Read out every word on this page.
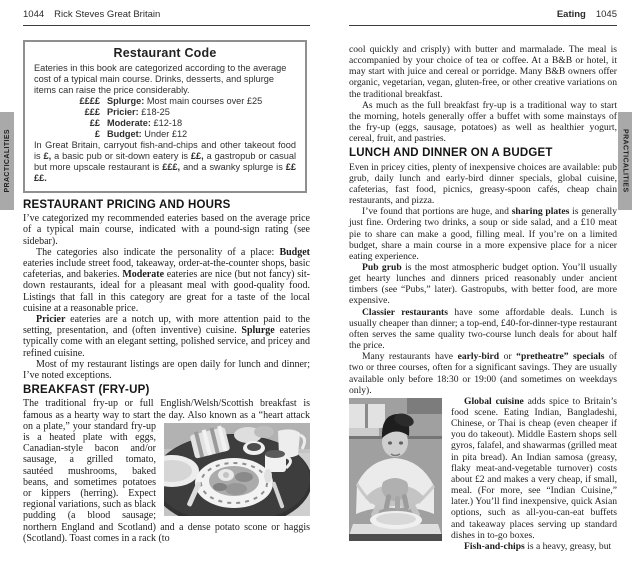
1044 Rick Steves Great Britain	Eating 1045
PRACTICALITIES	PRACTICALITIES
Restaurant Code

Eateries in this book are categorized according to the average cost of a typical main course. Drinks, desserts, and splurge items can raise the price considerably.

££££ Splurge: Most main courses over £25
£££ Pricier: £18-25
££ Moderate: £12-18
£ Budget: Under £12

In Great Britain, carryout fish-and-chips and other takeout food is £, a basic pub or sit-down eatery is ££, a gastropub or casual but more upscale restaurant is £££, and a swanky splurge is ££££.

RESTAURANT PRICING AND HOURS

I’ve categorized my recommended eateries based on the average price of a typical main course, indicated with a pound-sign rating (see sidebar).

The categories also indicate the personality of a place: Budget eateries include street food, takeaway, order-at-the-counter shops, basic cafeterias, and bakeries. Moderate eateries are nice (but not fancy) sit-down restaurants, ideal for a pleasant meal with good-quality food. Listings that fall in this category are great for a taste of the local cuisine at a reasonable price.

Pricier eateries are a notch up, with more attention paid to the setting, presentation, and (often inventive) cuisine. Splurge eateries typically come with an elegant setting, polished service, and pricey and refined cuisine.

Most of my restaurant listings are open daily for lunch and dinner; I’ve noted exceptions.

BREAKFAST (FRY-UP)

The traditional fry-up or full English/Welsh/Scottish breakfast is famous as a hearty way to start the day. Also known as a “heart
attack on a plate,” your standard fry-up is a heated plate with eggs, Canadian-style bacon and/or sausage, a grilled tomato, sautéed mushrooms, baked beans, and sometimes potatoes or kippers (herring). Expect regional variations, such as black pudding (a blood sausage; northern England and Scotland) and a dense potato scone or haggis (Scotland). Toast comes in a rack (to

cool quickly and crisply) with butter and marmalade. The meal is accompanied by your choice of tea or coffee. At a B&B or hotel, it may start with juice and cereal or porridge. Many B&B owners offer organic, vegetarian, vegan, gluten-free, or other creative variations on the traditional breakfast.

As much as the full breakfast fry-up is a traditional way to start the morning, hotels generally offer a buffet with some mainstays of the fry-up (eggs, sausage, potatoes) as well as healthier yogurt, cereal, fruit, and pastries.

LUNCH AND DINNER ON A BUDGET

Even in pricey cities, plenty of inexpensive choices are available: pub grub, daily lunch and early-bird dinner specials, global cuisine, cafeterias, fast food, picnics, greasy-spoon cafés, cheap chain restaurants, and pizza.

I’ve found that portions are huge, and sharing plates is generally just fine. Ordering two drinks, a soup or side salad, and a £10 meat pie to share can make a good, filling meal. If you’re on a limited budget, share a main course in a more expensive place for a nicer eating experience.

Pub grub is the most atmospheric budget option. You’ll usually get hearty lunches and dinners priced reasonably under ancient timbers (see “Pubs,” later). Gastropubs, with better food, are more expensive.

Classier restaurants have some affordable deals. Lunch is usually cheaper than dinner; a top-end, £40-for-dinner-type restaurant often serves the same quality two-course lunch deals for about half the price.

Many restaurants have early-bird or “pretheatre” specials of two or three courses, often for a significant savings. They are usually available only before 18:30 or 19:00 (and sometimes on weekdays only).

Global cuisine adds spice to Britain’s food scene. Eating Indian, Bangladeshi, Chinese, or Thai is cheap (even cheaper if you do takeout). Middle Eastern shops sell gyros, falafel, and shawarmas (grilled meat in pita bread). An Indian samosa (greasy, flaky meat-and-vegetable turnover) costs about £2 and makes a very cheap, if small, meal. (For more, see “Indian Cuisine,” later.) You’ll find inexpensive, quick Asian options, such as all-you-can-eat buffets and takeaway places serving up standard dishes in to-go boxes.

Fish-and-chips is a heavy, greasy, but
